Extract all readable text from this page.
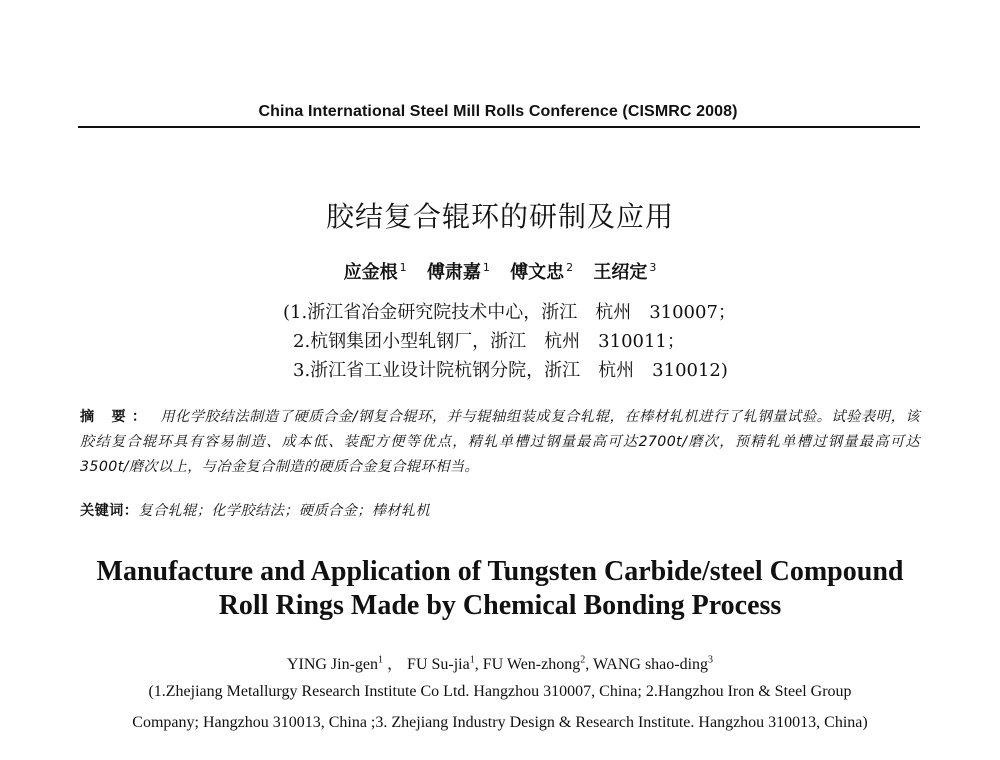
China International Steel Mill Rolls Conference (CISMRC 2008)
胶结复合辊环的研制及应用
应金根 $^1$ 傅肃嘉 $^1$ 傅文忠 $^2$ 王绍定 $^3$
(1.浙江省冶金研究院技术中心，浙江　杭州　310007；
2.杭钢集团小型轧钢厂，浙江　杭州　310011；
3.浙江省工业设计院杭钢分院，浙江　杭州　310012)
摘 要： 用化学胶结法制造了硬质合金/钢复合辊环，并与辊轴组装成复合轧辊，在棒材轧机进行了轧钢量试验。试验表明，该胶结复合辊环具有容易制造、成本低、装配方便等优点，精轧单槽过钢量最高可达2700t/磨次，预精轧单槽过钢量最高可达3500t/磨次以上，与冶金复合制造的硬质合金复合辊环相当。
关键词：复合轧辊；化学胶结法；硬质合金；棒材轧机
Manufacture and Application of Tungsten Carbide/steel Compound
Roll Rings Made by Chemical Bonding Process
YING Jin-gen$^1$ ， FU Su-jia$^1$, FU Wen-zhong$^2$, WANG shao-ding$^3$
(1.Zhejiang Metallurgy Research Institute Co Ltd. Hangzhou 310007, China; 2.Hangzhou Iron & Steel Group
Company; Hangzhou 310013, China ;3. Zhejiang Industry Design & Research Institute. Hangzhou 310013, China)
